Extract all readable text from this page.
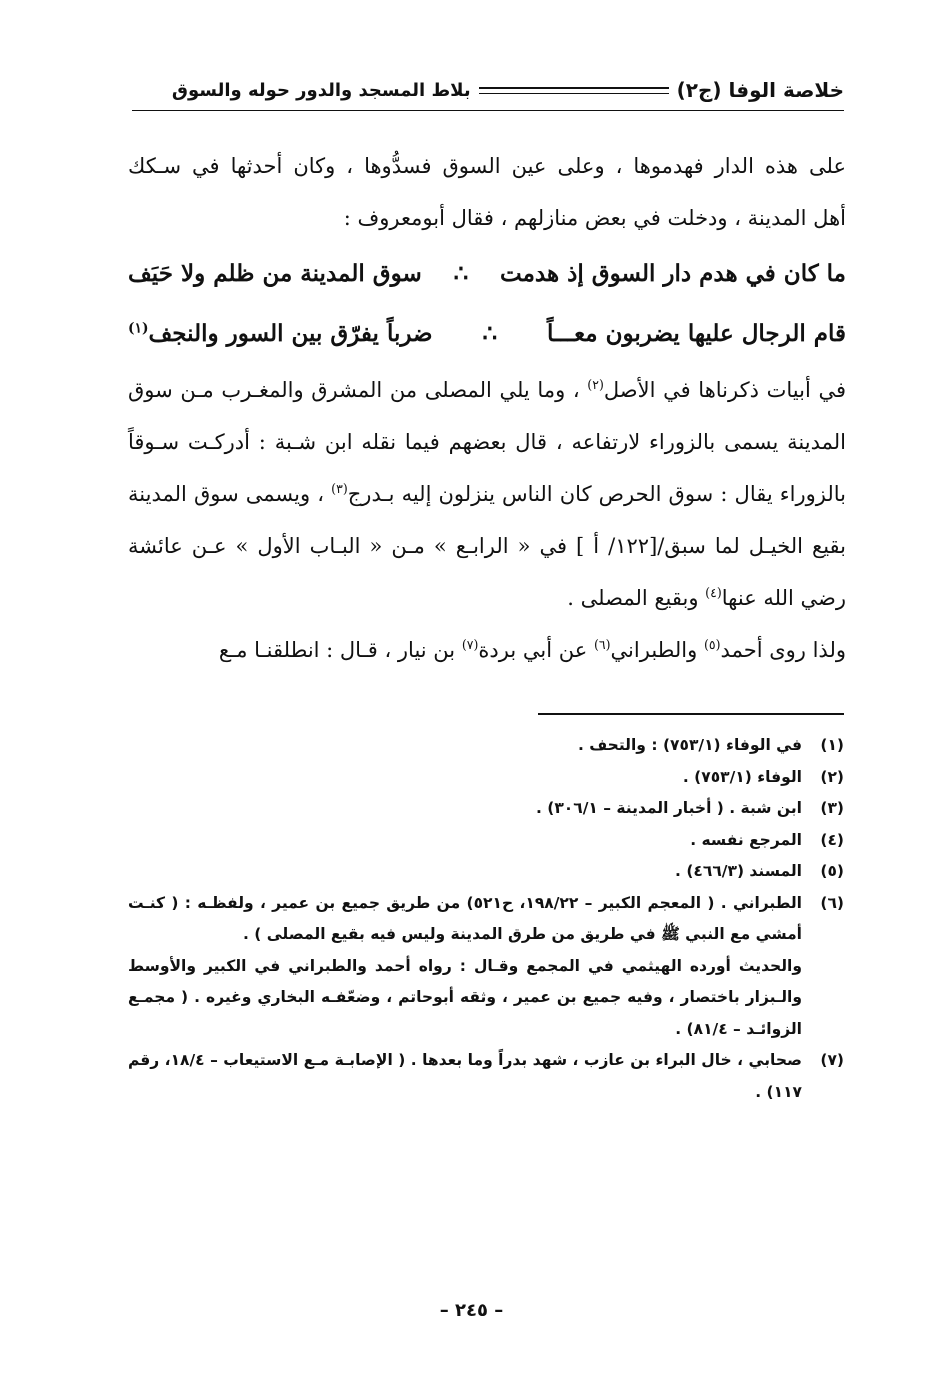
خلاصة الوفا (ج٢)
بلاط المسجد والدور حوله والسوق

على هذه الدار فهدموها ، وعلى عين السوق فسدُّوها ، وكان أحدثها في سـكك

أهل المدينة ، ودخلت في بعض منازلهم ، فقال أبومعروف :

ما كان في هدم دار السوق إذ هدمت
∴
سوق المدينة من ظلم ولا حَيَف
قام الرجال عليها يضربون معـــاً
∴
ضرباً يفرّق بين السور والنجف$^{(١)}$

في أبيات ذكرناها في الأصل$^{(٢)}$ ، وما يلي المصلى من المشرق والمغـرب مـن سوق المدينة يسمى بالزوراء لارتفاعه ، قال بعضهم فيما نقله ابن شـبة : أدركـت سـوقاً بالزوراء يقال : سوق الحرص كان الناس ينزلون إليه بـدرج$^{(٣)}$ ، ويسمى سوق المدينة بقيع الخيـل لما سبق/[١٢٢/ أ ] في « الرابـع » مـن « البـاب الأول » عـن عائشة رضي الله عنها$^{(٤)}$ وبقيع المصلى .

ولذا روى أحمد$^{(٥)}$ والطبراني$^{(٦)}$ عن أبي بردة$^{(٧)}$ بن نيار ، قـال : انطلقنـا مـع

(١)
في الوفاء (٧٥٣/١) : والتحف .
(٢)
الوفاء (٧٥٣/١) .
(٣)
ابن شبة . ( أخبار المدينة – ٣٠٦/١) .
(٤)
المرجع نفسه .
(٥)
المسند (٤٦٦/٣) .
(٦)
الطبراني . ( المعجم الكبير – ١٩٨/٢٢، ح٥٢١) من طريق جميع بن عمير ، ولفظـه : ( كنـت أمشي مع النبي ﷺ في طريق من طرق المدينة وليس فيه بقيع المصلى ) .
والحديث أورده الهيثمي في المجمع وقـال : رواه أحمد والطبراني في الكبير والأوسط والـبزار باختصار ، وفيه جميع بن عمير ، وثقه أبوحاتم ، وضعّفـه البخاري وغيره . ( مجمـع الزوائـد – ٨١/٤) .
(٧)
صحابي ، خال البراء بن عازب ، شهد بدراً وما بعدها . ( الإصابـة مـع الاستيعاب – ١٨/٤، رقم ١١٧) .
– ٢٤٥ –
